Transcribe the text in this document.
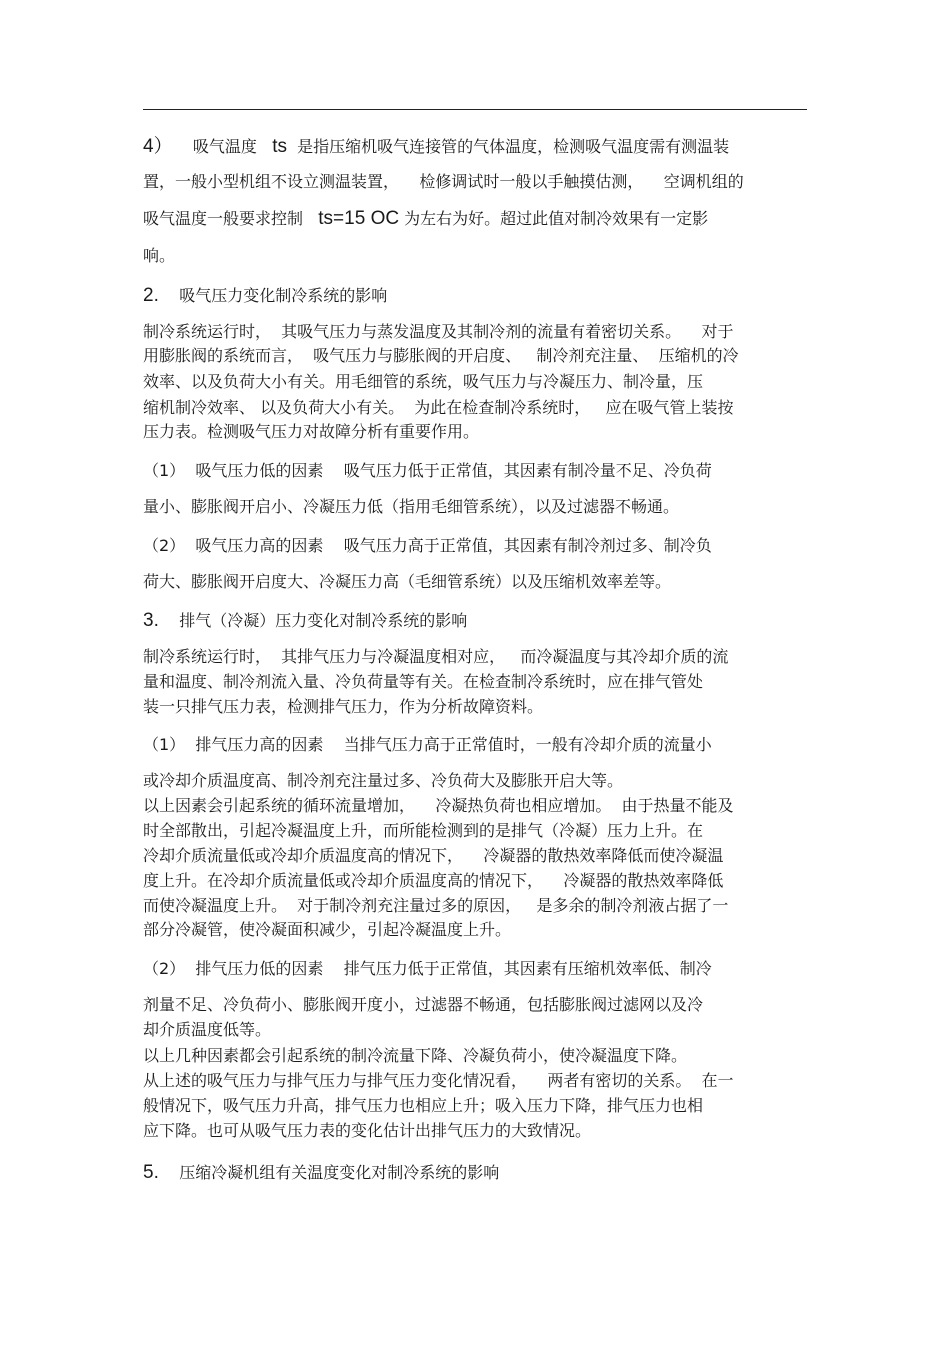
4） 吸气温度 ts 是指压缩机吸气连接管的气体温度，检测吸气温度需有测温装

置，一般小型机组不设立测温装置，    检修调试时一般以手触摸估测，    空调机组的

吸气温度一般要求控制 ts=15 OC 为左右为好。超过此值对制冷效果有一定影

响。

2. 吸气压力变化制冷系统的影响

制冷系统运行时，  其吸气压力与蒸发温度及其制冷剂的流量有着密切关系。    对于

用膨胀阀的系统而言，  吸气压力与膨胀阀的开启度、   制冷剂充注量、  压缩机的冷

效率、以及负荷大小有关。用毛细管的系统，吸气压力与冷凝压力、制冷量，压

缩机制冷效率、 以及负荷大小有关。  为此在检查制冷系统时，   应在吸气管上装按

压力表。检测吸气压力对故障分析有重要作用。

（1）  吸气压力低的因素    吸气压力低于正常值，其因素有制冷量不足、冷负荷

量小、膨胀阀开启小、冷凝压力低（指用毛细管系统），以及过滤器不畅通。

（2）  吸气压力高的因素    吸气压力高于正常值，其因素有制冷剂过多、制冷负

荷大、膨胀阀开启度大、冷凝压力高（毛细管系统）以及压缩机效率差等。

3. 排气（冷凝）压力变化对制冷系统的影响

制冷系统运行时，  其排气压力与冷凝温度相对应，   而冷凝温度与其冷却介质的流

量和温度、制冷剂流入量、冷负荷量等有关。在检查制冷系统时，应在排气管处

装一只排气压力表，检测排气压力，作为分析故障资料。

（1）  排气压力高的因素    当排气压力高于正常值时，一般有冷却介质的流量小

或冷却介质温度高、制冷剂充注量过多、冷负荷大及膨胀开启大等。

以上因素会引起系统的循环流量增加，    冷凝热负荷也相应增加。  由于热量不能及

时全部散出，引起冷凝温度上升，而所能检测到的是排气（冷凝）压力上升。在

冷却介质流量低或冷却介质温度高的情况下，    冷凝器的散热效率降低而使冷凝温

度上升。在冷却介质流量低或冷却介质温度高的情况下，    冷凝器的散热效率降低

而使冷凝温度上升。  对于制冷剂充注量过多的原因，   是多余的制冷剂液占据了一

部分冷凝管，使冷凝面积减少，引起冷凝温度上升。

（2）  排气压力低的因素    排气压力低于正常值，其因素有压缩机效率低、制冷

剂量不足、冷负荷小、膨胀阀开度小，过滤器不畅通，包括膨胀阀过滤网以及冷

却介质温度低等。

以上几种因素都会引起系统的制冷流量下降、冷凝负荷小，使冷凝温度下降。

从上述的吸气压力与排气压力与排气压力变化情况看，    两者有密切的关系。  在一

般情况下，吸气压力升高，排气压力也相应上升；吸入压力下降，排气压力也相

应下降。也可从吸气压力表的变化估计出排气压力的大致情况。

5. 压缩冷凝机组有关温度变化对制冷系统的影响
